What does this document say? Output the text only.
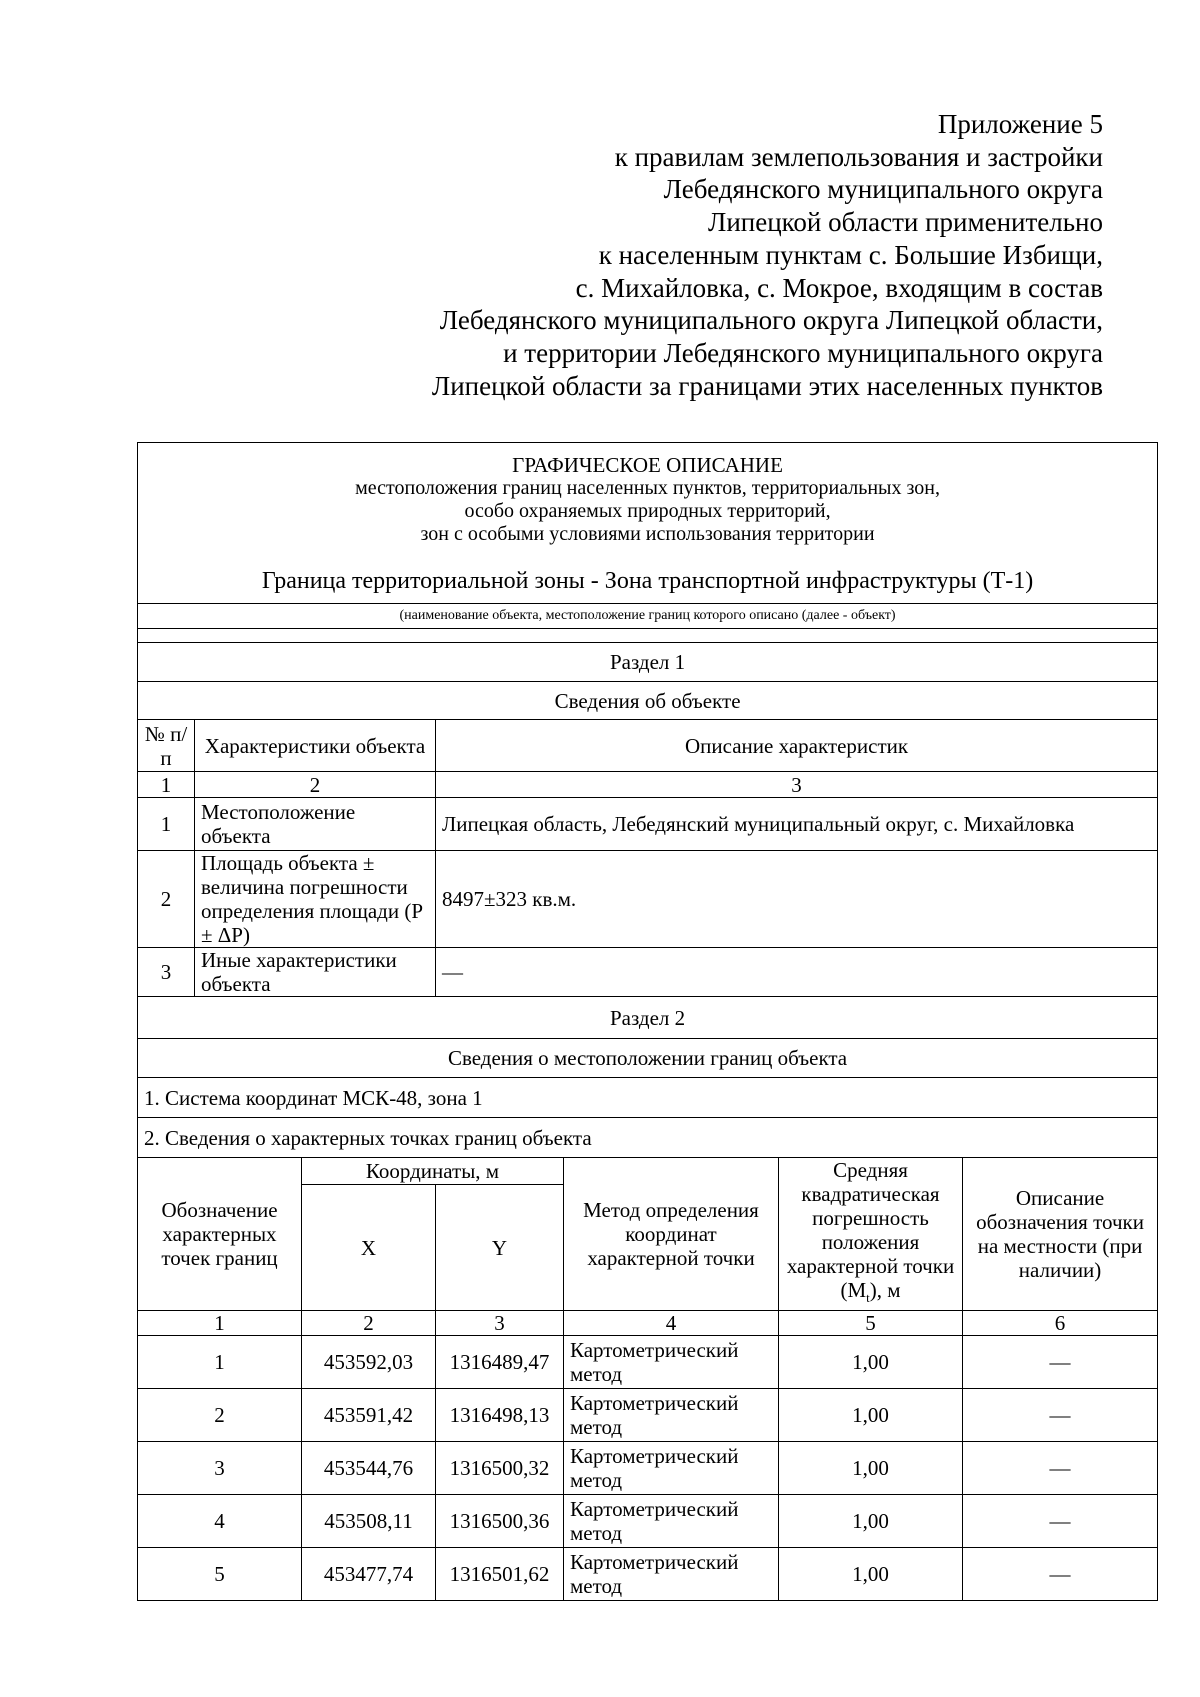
Приложение 5
к правилам землепользования и застройки
Лебедянского муниципального округа
Липецкой области применительно
к населенным пунктам с. Большие Избищи,
с. Михайловка, с. Мокрое, входящим в состав
Лебедянского муниципального округа Липецкой области,
и территории Лебедянского муниципального округа
Липецкой области за границами этих населенных пунктов
ГРАФИЧЕСКОЕ ОПИСАНИЕ
местоположения границ населенных пунктов, территориальных зон,
особо охраняемых природных территорий,
зон с особыми условиями использования территории
Граница территориальной зоны - Зона транспортной инфраструктуры (Т-1)						

(наименование объекта, местоположение границ которого описано (далее - объект)						

Раздел 1						
Сведения об объекте						
№ п/п	Характеристики объекта		Описание характеристик			
1	2		3			
1	Местоположение объекта		Липецкая область, Лебедянский муниципальный округ, с. Михайловка			
2	Площадь объекта ± величина погрешности определения площади (P ± ΔP)		8497±323 кв.м.			
3	Иные характеристики объекта		—			
Раздел 2						
Сведения о местоположении границ объекта						
1. Система координат МСК-48, зона 1						
2. Сведения о характерных точках границ объекта						
Обозначение характерных точек границ		Координаты, м		Метод определения координат характерной точки	Средняя квадратическая погрешность положения характерной точки $(M_t)$, м	Описание обозначения точки на местности (при наличии)
		X	Y			
1		2	3	4	5	6
1		453592,03	1316489,47	Картометрический метод	1,00	—
2		453591,42	1316498,13	Картометрический метод	1,00	—
3		453544,76	1316500,32	Картометрический метод	1,00	—
4		453508,11	1316500,36	Картометрический метод	1,00	—
5		453477,74	1316501,62	Картометрический метод	1,00	—
